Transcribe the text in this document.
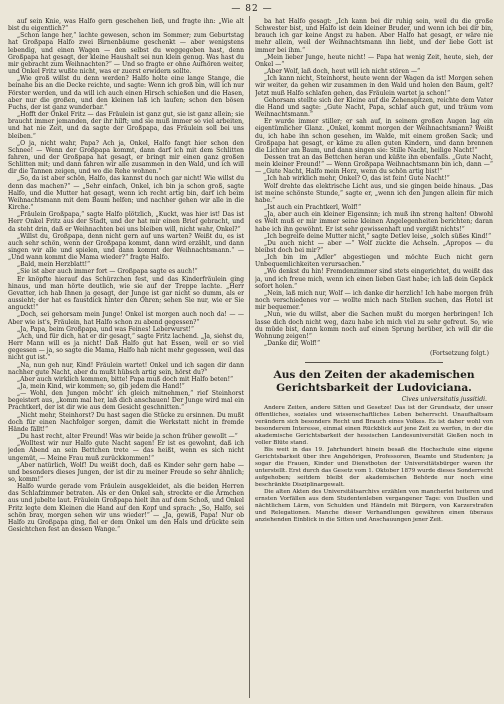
— 82 —

auf sein Knie, was Halfo gern geschehen ließ, und fragte ihn: „Wie alt bist du eigentlich?“

„Schon lange her,“ lachte gewesen, schon im Sommer; zum Geburtstag hat Großpapa Halfo zwei Birnenbäume geschenkt — aber wenigstens lebendig, und einen Wagen — den selbst du weggegeben hast, denn Großpapa hat gesagt, der kleine Haushalt sei nun klein genug. Was hast du mir gebracht zum Weihnachten?“ — Und so fragte er ohne Aufhören weiter, und Onkel Fritz wußte nicht, was er zuerst erwidern sollte.

„Wie groß willst du denn werden? Halfo holte eine lange Stange, die beinahe bis an die Decke reichte, und sagte: Wenn ich groß bin, will ich nur Förster werden, und da will ich auch einen Hirsch schießen und die Hasen, aber nur die großen, und den kleinen laß ich laufen; schon den bösen Fuchs, der ist ganz wunderbar.“

„Hofft der Onkel Fritz — das Fräulein ist ganz gut, sie ist ganz allein; sie braucht immer jemanden, der ihr hilft; und sie muß immer so viel arbeiten, und hat nie Zeit, und da sagte der Großpapa, das Fräulein soll bei uns bleiben.“

„O ja, nicht wahr, Papa? Ach ja, Onkel, Halfo fangt hier schon den Schnee! — Wenn der Großpapa kommt, dann darf ich mit dem Schlitten fahren, und der Großpapa hat gesagt, er bringt mir einen ganz großen Schlitten mit; und dann fahren wir alle zusammen in den Wald, und ich will dir die Tannen zeigen, und wo die Rehe wohnen.“

„So, da ist aber schön, Halfo, das kannst du noch gar nicht! Wie willst du denn das machen?“ — „Sehr einfach, Onkel, ich bin ja schon groß, sagte Halfo, und die Mutter hat gesagt, wenn ich recht artig bin, darf ich beim Weihnachtsmann mit dem Baum helfen; und nachher gehen wir alle in die Kirche.“

„Fräulein Großpapa,“ sagte Halfo plötzlich, „Kuckt, was hier ist! Das ist Herr Onkel Fritz aus der Stadt, und der hat mir einen Brief gebracht, und da steht drin, daß er Weihnachten bei uns bleiben will, nicht wahr, Onkel?“

„Willst du, Großpapa, denn nicht gern auf uns warten? Weißt du, es ist auch sehr schön, wenn der Großpapa kommt, dann wird erzählt, und dann singen wir alle und spielen, und dann kommt der Weihnachtsmann.“ — „Und wann kommt die Mama wieder?“ fragte Halfo.

„Bald, mein Herzblatt!“

„Sie ist aber auch immer fort — Großpapa sagte es auch!“

Er knöpfte hierauf das Schürzchen fest, und das Kinderfräulein ging hinaus, und man hörte deutlich, wie sie auf der Treppe lachte. „Herr Gevatter, ich hab Ihnen ja gesagt, der Junge ist gar nicht so dumm, als er aussieht; der hat es faustdick hinter den Ohren; sehen Sie nur, wie er Sie anguckt!“

„Doch, sei gehorsam mein Junge! Onkel ist morgen auch noch da! — — Aber wie ist's, Fräulein, hat Halfo schon zu abend gegessen?“

„Ja, Papa, beim Großpapa, und was Feines! Leberwurst!“

„Ach, und für dich, hat er dir gesagt,“ sagte Fritz lachend. „Ja, siehst du, Herr Mann will es ja nicht! Daß Halfo gut hat Essen, weil er so viel gegessen — ja, so sagte die Mama, Halfo hab nicht mehr gegessen, weil das nicht gut ist.“

„Na, nun geh nur, Kind! Fräulein wartet! Onkel und ich sagen dir dann nachher gute Nacht, aber du mußt hübsch artig sein, hörst du?“

„Aber auch wirklich kommen, bitte! Papa muß doch mit Halfo beten!“

„Ja, mein Kind, wir kommen; so, gib jedem die Hand!“

„— Wohl, den Jungen möcht' ich gleich mitnehmen,“ rief Steinhorst begeistert aus, „komm mal her, laß dich anschauen! Der Junge wird mal ein Prachtkerl, der ist dir wie aus dem Gesicht geschnitten.“

„Nicht mehr, Steinhorst? Du hast sagen die Stücke zu ersinnen. Du mußt doch für einen Nachfolger sorgen, damit die Werkstatt nicht in fremde Hände fällt!“

„Du hast recht, alter Freund! Was wir beide ja schon früher gewollt —“

„Wolltest wir nur Halfo gute Nacht sagen! Er ist es gewohnt, daß ich jeden Abend an sein Bettchen trete — das heißt, wenn es sich nicht ungemüt, — Meine Frau muß zurückkommen!“

„Aber natürlich, Wolf! Du weißt doch, daß es Kinder sehr gern habe — und besonders dieses Jungen, der ist dir zu meiner Freude so sehr ähnlich; so, komm!“

Halfo wurde gerade vom Fräulein ausgekleidet, als die beiden Herren das Schlafzimmer betraten. Als er den Onkel sah, streckte er die Ärmchen aus und jubelte laut. Fräulein Großpapa hielt ihn auf dem Schoß, und Onkel Fritz legte dem Kleinen die Hand auf den Kopf und sprach: „So, Halfo, sei schön brav, morgen sehen wir uns wieder!“ — „Ja, gewiß, Papa! Nur ob Halfo zu Großpapa ging, fiel er dem Onkel um den Hals und drückte sein Gesichtchen fest an dessen Wange.“

ba hat Halfo gesagt: „Ich kann bei dir ruhig sein, weil du die große Schwester bist, und Halfo ist dein kleiner Bruder, und wenn ich bei dir bin, brauch ich gar keine Angst zu haben. Aber Halfo hat gesagt, er wäre nie mehr allein, weil der Weihnachtsmann ihn liebt, und der liebe Gott ist immer bei ihm.“

„Mein lieber Junge, heute nicht! — Papa hat wenig Zeit, heute, sieh, der Onkel —“

„Aber Wolf, laß doch, heut will ich nicht stören —“

„Ich kann nicht, Steinhorst, heute wenn der Wagen da ist! Morgen sehen wir weiter, da gehen wir zusammen in den Wald und holen den Baum, gelt? Jetzt muß Halfo schlafen gehen, das Fräulein wartet ja schon!“

Gehorsam stellte sich der Kleine auf die Zehenspitzen, reichte dem Vater die Hand und sagte: „Gute Nacht, Papa, schlaf auch gut, und träum vom Weihnachtsmann.“

Er wurde immer stiller; er sah auf, in seinem großen Augen lag ein eigentümlicher Glanz. „Onkel, kommt morgen der Weihnachtsmann? Weißt du, ich habe ihn schon gesehen, im Walde, mit einem großen Sack; und Großpapa hat gesagt, er käme zu allen guten Kindern, und dann brennen die Lichter am Baum, und dann singen sie: Stille Nacht, heilige Nacht!“

Dessen trat an das Bettchen heran und küßte ihn ebenfalls. „Gute Nacht, mein kleiner Freund!“ — Wenn Großpapa Weihnachtsmann bin ich, dann —“ — „Gute Nacht, Halfo mein Herz, wenn du schön artig bist!“

„Ich hab wirklich mehr, Onkel? O, das ist fein! Gute Nacht!“

Wolf drehte das elektrische Licht aus, und sie gingen beide hinaus. „Das ist meine schönste Stunde,“ sagte er, „wenn ich den Jungen allein für mich habe.“

„Ist auch ein Prachtkerl, Wolf!“

„Ja, aber auch ein kleiner Eigensinn; ich muß ihn streng halten! Obwohl es Welt muß er mir immer seine kleinen Angelegenheiten berichten; daran habe ich ihn gewöhnt. Er ist sehr gewissenhaft und vergißt nichts!“

„Ich begreife deine Mutter nicht,“ sagte Detlev leise, „solch süßes Kind!“

„Du auch nicht — aber —“ Wolf zuckte die Achseln. „Apropos — du bleibst doch bei mir?“

„Ich bin im „Adler“ abgestiegen und möchte Euch nicht gern Unbequemlichkeiten verursachen.“

„Wo denkst du hin! Fremdenzimmer sind stets eingerichtet, du weißt das ja, und ich freue mich, wenn ich einen lieben Gast habe; ich laß dein Gepäck sofort holen.“

„Nein, laß mich nur, Wolf — ich danke dir herzlich! Ich habe morgen früh noch verschiedenes vor — wollte mich nach Stellen suchen, das Hotel ist mir bequemer.“

„Nun, wie du willst, aber die Sachen mußt du morgen herbringen! Ich lasse dich doch nicht weg, dazu habe ich mich viel zu sehr gefreut. So, wie du müde bist, dann komm noch auf einen Sprung herüber, ich will dir die Wohnung zeigen!“

„Danke dir, Wolf!“

(Fortsetzung folgt.)

Aus den Zeiten der akademischen Gerichtsbarkeit der Ludoviciana.

Cives universitatis jussitidi.

Andere Zeiten, andere Sitten und Gesetze! Das ist der Grundsatz, der unser öffentliches, soziales und wissenschaftliches Leben beherrscht. Unaufhaltsam verändern sich besonders Recht und Brauch eines Volkes. Es ist daher wohl von besonderem Interesse, einmal einen Rückblick auf jene Zeit zu werfen, in der die akademische Gerichtsbarkeit der hessischen Landesuniversität Gießen noch in voller Blüte stand.

Bis weit in das 19. Jahrhundert hinein besaß die Hochschule eine eigene Gerichtsbarkeit über ihre Angehörigen, Professoren, Beamte und Studenten; ja sogar die Frauen, Kinder und Dienstboten der Universitätsbürger waren ihr unterstellt. Erst durch das Gesetz vom 1. Oktober 1879 wurde dieses Sonderrecht aufgehoben; seitdem bleibt der akademischen Behörde nur noch eine beschränkte Disziplinargewalt.

Die alten Akten des Universitätsarchivs erzählen von mancherlei heiteren und ernsten Vorfällen aus dem Studentenleben vergangener Tage: von Duellen und nächtlichem Lärm, von Schulden und Händeln mit Bürgern, von Karzerstrafen und Relegationen. Manche dieser Verhandlungen gewähren einen überaus anziehenden Einblick in die Sitten und Anschauungen jener Zeit.
